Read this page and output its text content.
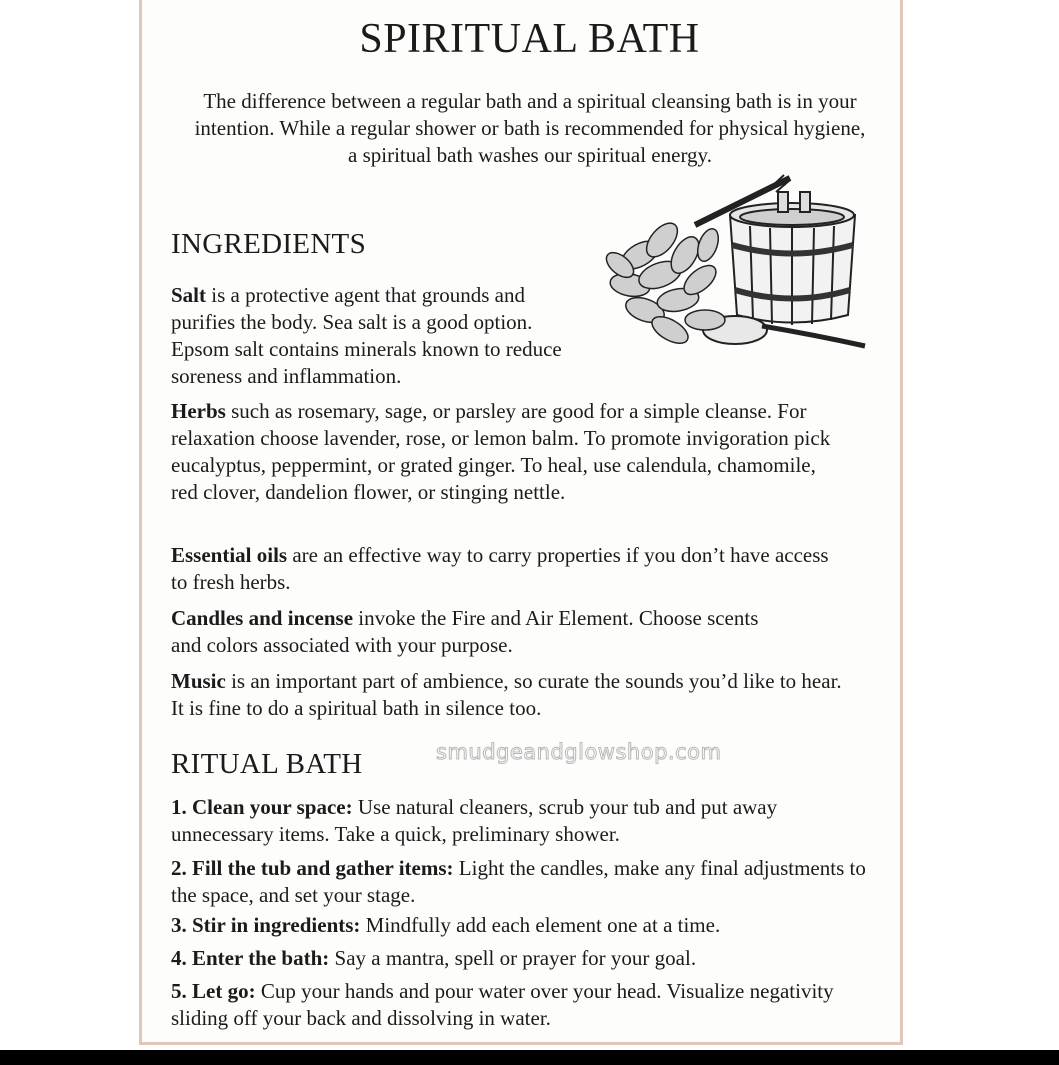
SPIRITUAL BATH

The difference between a regular bath and a spiritual cleansing bath is in your intention. While a regular shower or bath is recommended for physical hygiene, a spiritual bath washes our spiritual energy.

INGREDIENTS

Salt is a protective agent that grounds and purifies the body. Sea salt is a good option. Epsom salt contains minerals known to reduce soreness and inflammation.

Herbs such as rosemary, sage, or parsley are good for a simple cleanse. For relaxation choose lavender, rose, or lemon balm. To promote invigoration pick eucalyptus, peppermint, or grated ginger. To heal, use calendula, chamomile, red clover, dandelion flower, or stinging nettle.

Essential oils are an effective way to carry properties if you don’t have access to fresh herbs.

Candles and incense invoke the Fire and Air Element. Choose scents and colors associated with your purpose.

Music is an important part of ambience, so curate the sounds you’d like to hear. It is fine to do a spiritual bath in silence too.

RITUAL BATH	smudgeandglowshop.com

1. Clean your space: Use natural cleaners, scrub your tub and put away unnecessary items. Take a quick, preliminary shower.

2. Fill the tub and gather items: Light the candles, make any final adjustments to the space, and set your stage.

3. Stir in ingredients: Mindfully add each element one at a time.

4. Enter the bath: Say a mantra, spell or prayer for your goal.

5. Let go: Cup your hands and pour water over your head. Visualize negativity sliding off your back and dissolving in water.
